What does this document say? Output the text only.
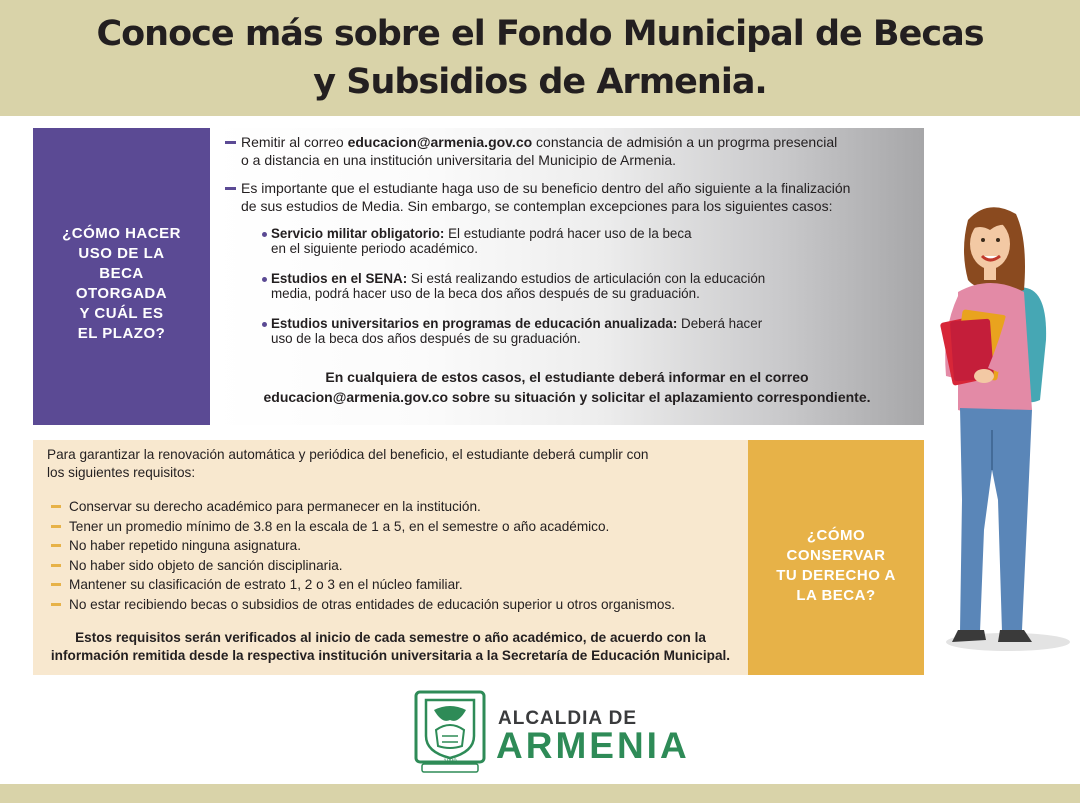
Conoce más sobre el Fondo Municipal de Becas
y Subsidios de Armenia.
¿CÓMO HACER
USO DE LA
BECA
OTORGADA
Y CUÁL ES
EL PLAZO?
Remitir al correo educacion@armenia.gov.co constancia de admisión a un progrma presencial
o a distancia en una institución universitaria del Municipio de Armenia.
Es importante que el estudiante haga uso de su beneficio dentro del año siguiente a la finalización
de sus estudios de Media. Sin embargo, se contemplan excepciones para los siguientes casos:
Servicio militar obligatorio: El estudiante podrá hacer uso de la beca
en el siguiente periodo académico.
Estudios en el SENA: Si está realizando estudios de articulación con la educación
media, podrá hacer uso de la beca dos años después de su graduación.
Estudios universitarios en programas de educación anualizada: Deberá hacer
uso de la beca dos años después de su graduación.
En cualquiera de estos casos, el estudiante deberá informar en el correo
educacion@armenia.gov.co sobre su situación y solicitar el aplazamiento correspondiente.
Para garantizar la renovación automática y periódica del beneficio, el estudiante deberá cumplir con
los siguientes requisitos:
Conservar su derecho académico para permanecer en la institución.
Tener un promedio mínimo de 3.8 en la escala de 1 a 5, en el semestre o año académico.
No haber repetido ninguna asignatura.
No haber sido objeto de sanción disciplinaria.
Mantener su clasificación de estrato 1, 2 o 3 en el núcleo familiar.
No estar recibiendo becas o subsidios de otras entidades de educación superior u otros organismos.
Estos requisitos serán verificados al inicio de cada semestre o año académico, de acuerdo con la
información remitida desde la respectiva institución universitaria a la Secretaría de Educación Municipal.
¿CÓMO
CONSERVAR
TU DERECHO A
LA BECA?
1889
ALCALDIA DE
ARMENIA
